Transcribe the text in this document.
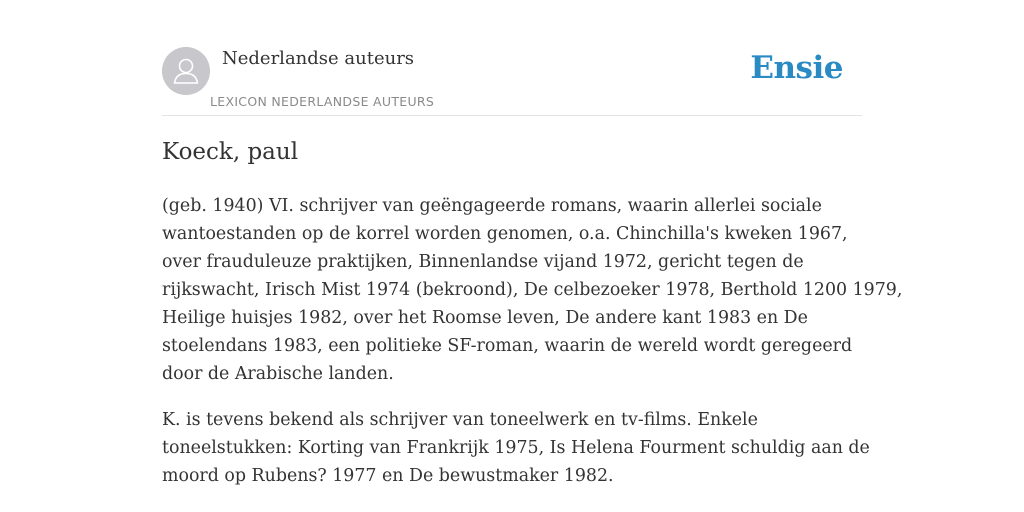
Nederlandse auteurs
LEXICON NEDERLANDSE AUTEURS
Ensie
Koeck, paul

(geb. 1940) VI. schrijver van geëngageerde romans, waarin allerlei sociale
wantoestanden op de korrel worden genomen, o.a. Chinchilla's kweken 1967,
over frauduleuze praktijken, Binnenlandse vijand 1972, gericht tegen de
rijkswacht, Irisch Mist 1974 (bekroond), De celbezoeker 1978, Berthold 1200 1979,
Heilige huisjes 1982, over het Roomse leven, De andere kant 1983 en De
stoelendans 1983, een politieke SF-roman, waarin de wereld wordt geregeerd
door de Arabische landen.

K. is tevens bekend als schrijver van toneelwerk en tv-films. Enkele
toneelstukken: Korting van Frankrijk 1975, Is Helena Fourment schuldig aan de
moord op Rubens? 1977 en De bewustmaker 1982.
